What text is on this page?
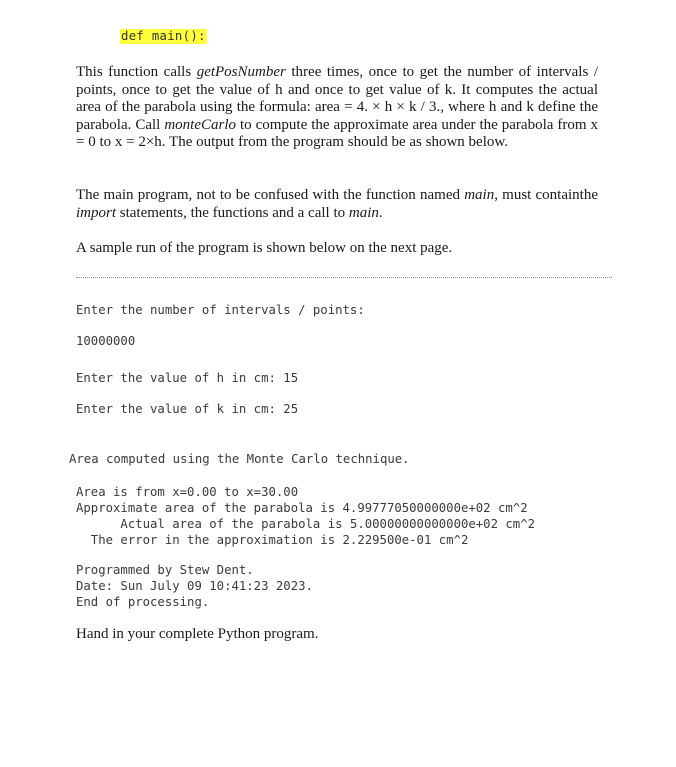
def main():

This function calls getPosNumber three times, once to get the number of intervals / points, once to get the value of h and once to get value of k. It computes the actual area of the parabola using the formula: area = 4. × h × k / 3., where h and k define the parabola. Call monteCarlo to compute the approximate area under the parabola from x = 0 to x = 2×h. The output from the program should be as shown below.

The main program, not to be confused with the function named main, must containthe import statements, the functions and a call to main.

A sample run of the program is shown below on the next page.
Enter the number of intervals / points:
10000000
Enter the value of h in cm: 15
Enter the value of k in cm: 25
Area computed using the Monte Carlo technique.
Area is from x=0.00 to x=30.00
Approximate area of the parabola is 4.99777050000000e+02 cm^2
Actual area of the parabola is 5.00000000000000e+02 cm^2
The error in the approximation is 2.229500e-01 cm^2
Programmed by Stew Dent.
Date: Sun July 09 10:41:23 2023.
End of processing.
Hand in your complete Python program.
